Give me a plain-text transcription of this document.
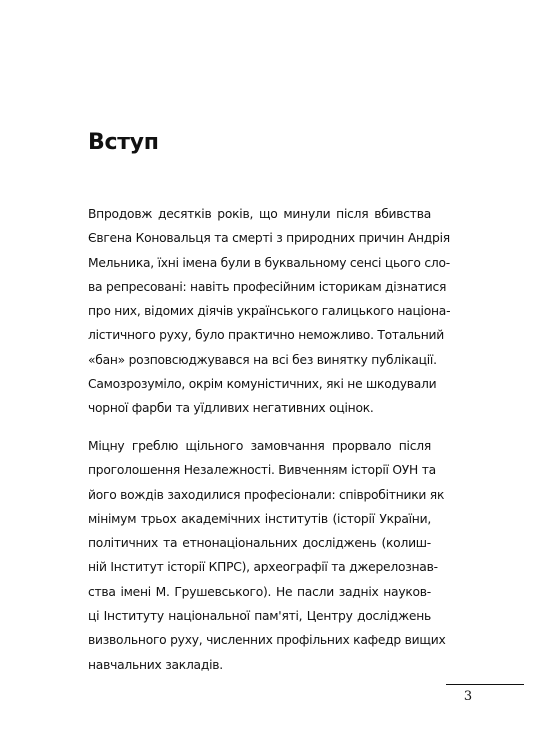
Вступ

Впродовж десятків років, що минули після вбивства
Євгена Коновальця та смерті з природних причин Андрія
Мельника, їхні імена були в буквальному сенсі цього сло-
ва репресовані: навіть професійним історикам дізнатися
про них, відомих діячів українського галицького націона-
лістичного руху, було практично неможливо. Тотальний
«бан» розповсюджувався на всі без винятку публікації.
Самозрозуміло, окрім комуністичних, які не шкодували
чорної фарби та уїдливих негативних оцінок.

Міцну греблю щільного замовчання прорвало після
проголошення Незалежності. Вивченням історії ОУН та
його вождів заходилися професіонали: співробітники як
мінімум трьох академічних інститутів (історії України,
політичних та етнонаціональних досліджень (колиш-
ній Інститут історії КПРС), археографії та джерелознав-
ства імені М. Грушевського). Не пасли задніх науков-
ці Інституту національної пам'яті, Центру досліджень
визвольного руху, численних профільних кафедр вищих
навчальних закладів.

3
